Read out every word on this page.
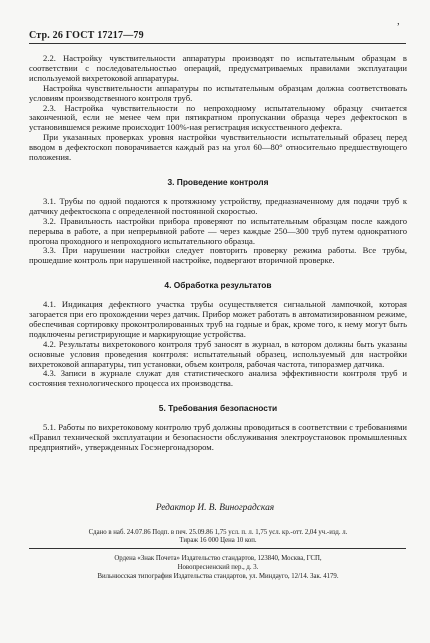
‚
Стр. 26 ГОСТ 17217—79

2.2. Настройку чувствительности аппаратуры производят по испытательным образцам в соответствии с последовательностью операций, предусматриваемых правилами эксплуатации используемой вихретоковой аппаратуры.

Настройка чувствительности аппаратуры по испытательным образцам должна соответствовать условиям производственного контроля труб.

2.3. Настройка чувствительности по непроходному испытательному образцу считается законченной, если не менее чем при пятикратном пропускании образца через дефектоскоп в установившемся режиме происходит 100%-ная регистрация искусственного дефекта.

При указанных проверках уровня настройки чувствительности испытательный образец перед вводом в дефектоскоп поворачивается каждый раз на угол 60—80° относительно предшествующего положения.

3. Проведение контроля

3.1. Трубы по одной подаются к протяжному устройству, предназначенному для подачи труб к датчику дефектоскопа с определенной постоянной скоростью.

3.2. Правильность настройки прибора проверяют по испытательным образцам после каждого перерыва в работе, а при непрерывной работе — через каждые 250—300 труб путем однократного прогона проходного и непроходного испытательного образца.

3.3. При нарушении настройки следует повторить проверку режима работы. Все трубы, прошедшие контроль при нарушенной настройке, подвергают вторичной проверке.

4. Обработка результатов

4.1. Индикация дефектного участка трубы осуществляется сигнальной лампочкой, которая загорается при его прохождении через датчик. Прибор может работать в автоматизированном режиме, обеспечивая сортировку проконтролированных труб на годные и брак, кроме того, к нему могут быть подключены регистрирующие и маркирующие устройства.

4.2. Результаты вихретокового контроля труб заносят в журнал, в котором должны быть указаны основные условия проведения контроля: испытательный образец, используемый для настройки вихретоковой аппаратуры, тип установки, объем контроля, рабочая частота, типоразмер датчика.

4.3. Записи в журнале служат для статистического анализа эффективности контроля труб и состояния технологического процесса их производства.

5. Требования безопасности

5.1. Работы по вихретоковому контролю труб должны проводиться в соответствии с требованиями «Правил технической эксплуатации и безопасности обслуживания электроустановок промышленных предприятий», утвержденных Госэнергонадзором.

Редактор И. В. Виноградская
Сдано в наб. 24.07.86 Подп. в печ. 25.09.86 1,75 усл. п. л. 1,75 усл. кр.-отт. 2,04 уч.-изд. л.
Тираж 16 000 Цена 10 коп.
Ордена «Знак Почета» Издательство стандартов, 123840, Москва, ГСП,
Новопресненский пер., д. 3.
Вильнюсская типография Издательства стандартов, ул. Миндауго, 12/14. Зак. 4179.
